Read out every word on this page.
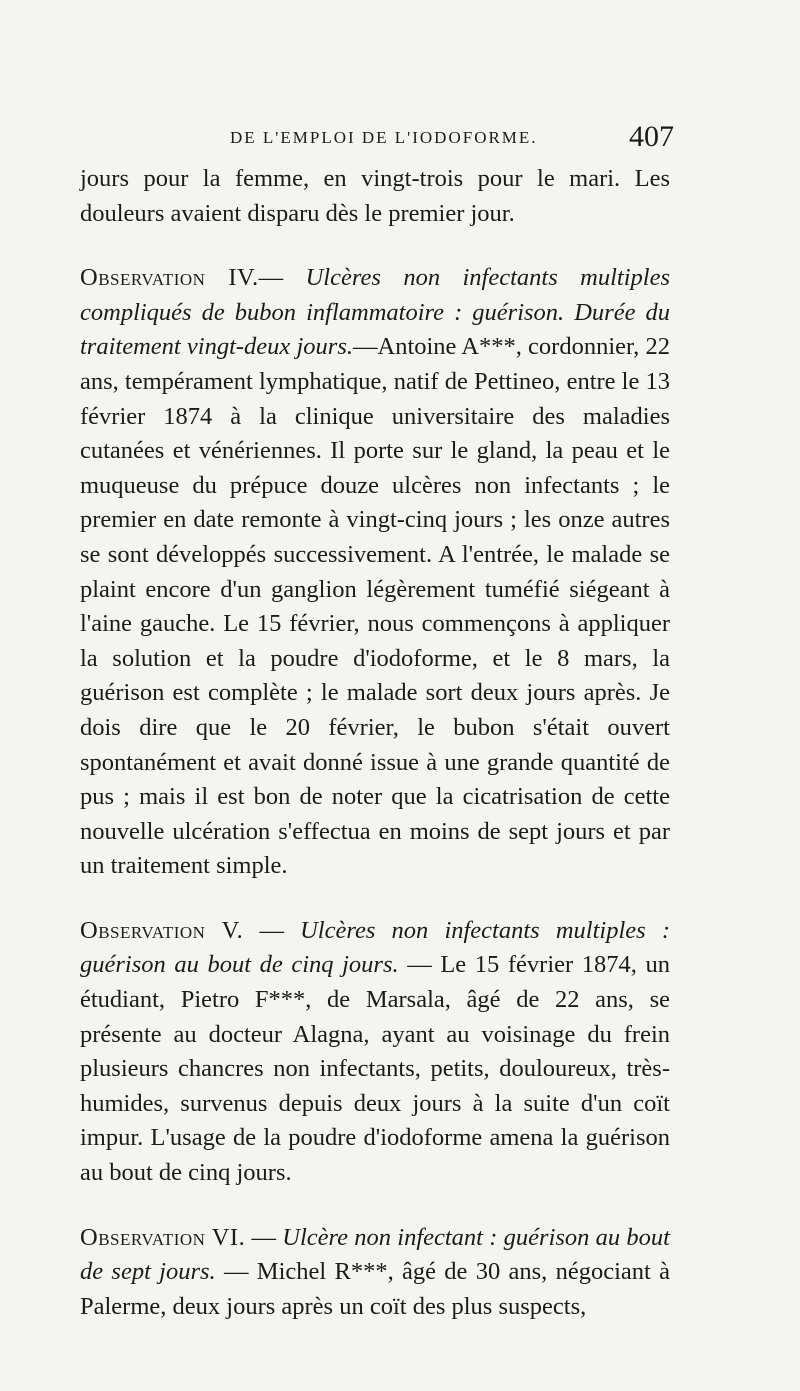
DE L'EMPLOI DE L'IODOFORME.	407

jours pour la femme, en vingt-trois pour le mari. Les douleurs avaient disparu dès le premier jour.

Observation IV.— Ulcères non infectants multiples compliqués de bubon inflammatoire : guérison. Durée du traitement vingt-deux jours.—Antoine A***, cordonnier, 22 ans, tempérament lymphatique, natif de Pettineo, entre le 13 février 1874 à la clinique universitaire des maladies cutanées et vénériennes. Il porte sur le gland, la peau et le muqueuse du prépuce douze ulcères non infectants ; le premier en date remonte à vingt-cinq jours ; les onze autres se sont développés successivement. A l'entrée, le malade se plaint encore d'un ganglion légèrement tuméfié siégeant à l'aine gauche. Le 15 février, nous commençons à appliquer la solution et la poudre d'iodoforme, et le 8 mars, la guérison est complète ; le malade sort deux jours après. Je dois dire que le 20 février, le bubon s'était ouvert spontanément et avait donné issue à une grande quantité de pus ; mais il est bon de noter que la cicatrisation de cette nouvelle ulcération s'effectua en moins de sept jours et par un traitement simple.

Observation V. — Ulcères non infectants multiples : guérison au bout de cinq jours. — Le 15 février 1874, un étudiant, Pietro F***, de Marsala, âgé de 22 ans, se présente au docteur Alagna, ayant au voisinage du frein plusieurs chancres non infectants, petits, douloureux, très-humides, survenus depuis deux jours à la suite d'un coït impur. L'usage de la poudre d'iodoforme amena la guérison au bout de cinq jours.

Observation VI. — Ulcère non infectant : guérison au bout de sept jours. — Michel R***, âgé de 30 ans, négociant à Palerme, deux jours après un coït des plus suspects,
